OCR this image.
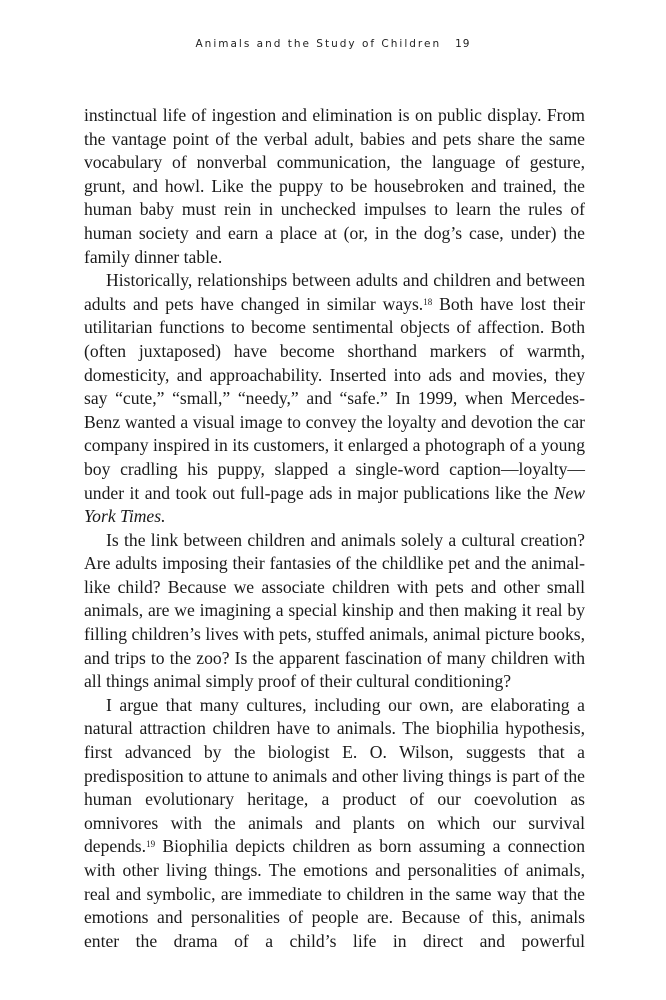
Animals and the Study of Children 19

instinctual life of ingestion and elimination is on public display. From the vantage point of the verbal adult, babies and pets share the same vocabulary of nonverbal communication, the language of gesture, grunt, and howl. Like the puppy to be housebroken and trained, the human baby must rein in unchecked impulses to learn the rules of human society and earn a place at (or, in the dog’s case, under) the family dinner table.

Historically, relationships between adults and children and between adults and pets have changed in similar ways.$^{18}$ Both have lost their utilitarian functions to become sentimental objects of affection. Both (often juxtaposed) have become shorthand markers of warmth, domesticity, and approachability. Inserted into ads and movies, they say “cute,” “small,” “needy,” and “safe.” In 1999, when Mercedes-Benz wanted a visual image to convey the loyalty and devotion the car company inspired in its customers, it enlarged a photograph of a young boy cradling his puppy, slapped a single-word caption—loyalty—under it and took out full-page ads in major publications like the New York Times.

Is the link between children and animals solely a cultural creation? Are adults imposing their fantasies of the childlike pet and the animal-like child? Because we associate children with pets and other small animals, are we imagining a special kinship and then making it real by filling children’s lives with pets, stuffed animals, animal picture books, and trips to the zoo? Is the apparent fascination of many children with all things animal simply proof of their cultural conditioning?

I argue that many cultures, including our own, are elaborating a natural attraction children have to animals. The biophilia hypothesis, first advanced by the biologist E. O. Wilson, suggests that a predisposition to attune to animals and other living things is part of the human evolutionary heritage, a product of our coevolution as omnivores with the animals and plants on which our survival depends.$^{19}$ Biophilia depicts children as born assuming a connection with other living things. The emotions and personalities of animals, real and symbolic, are immediate to children in the same way that the emotions and personalities of people are. Because of this, animals enter the drama of a child’s life in direct and powerful
